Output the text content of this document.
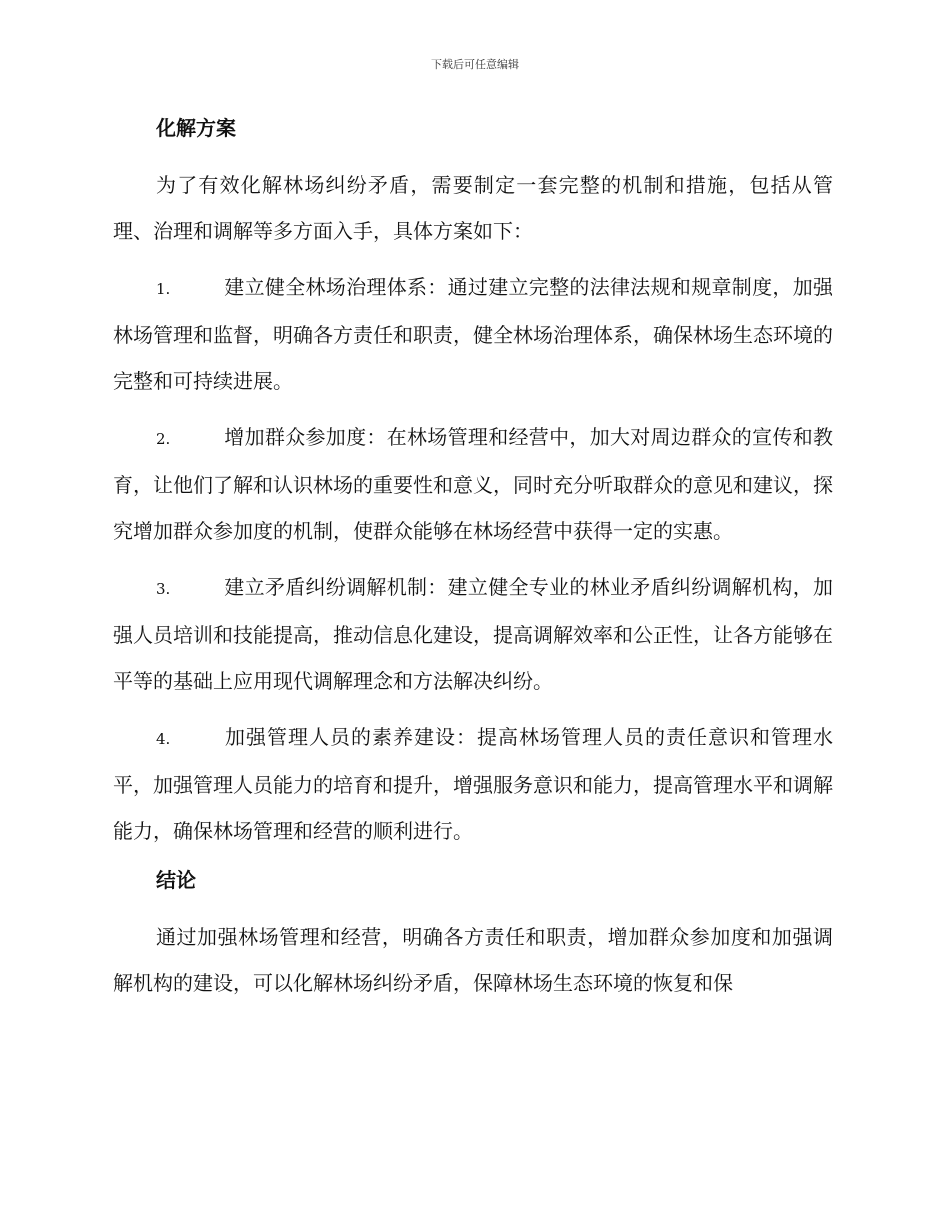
下载后可任意编辑
化解方案

为了有效化解林场纠纷矛盾，需要制定一套完整的机制和措施，包括从管理、治理和调解等多方面入手，具体方案如下：

1.	建立健全林场治理体系：通过建立完整的法律法规和规章制度，加强林场管理和监督，明确各方责任和职责，健全林场治理体系，确保林场生态环境的完整和可持续进展。

2.	增加群众参加度：在林场管理和经营中，加大对周边群众的宣传和教育，让他们了解和认识林场的重要性和意义，同时充分听取群众的意见和建议，探究增加群众参加度的机制，使群众能够在林场经营中获得一定的实惠。

3.	建立矛盾纠纷调解机制：建立健全专业的林业矛盾纠纷调解机构，加强人员培训和技能提高，推动信息化建设，提高调解效率和公正性，让各方能够在平等的基础上应用现代调解理念和方法解决纠纷。

4.	加强管理人员的素养建设：提高林场管理人员的责任意识和管理水平，加强管理人员能力的培育和提升，增强服务意识和能力，提高管理水平和调解能力，确保林场管理和经营的顺利进行。

结论

通过加强林场管理和经营，明确各方责任和职责，增加群众参加度和加强调解机构的建设，可以化解林场纠纷矛盾，保障林场生态环境的恢复和保
